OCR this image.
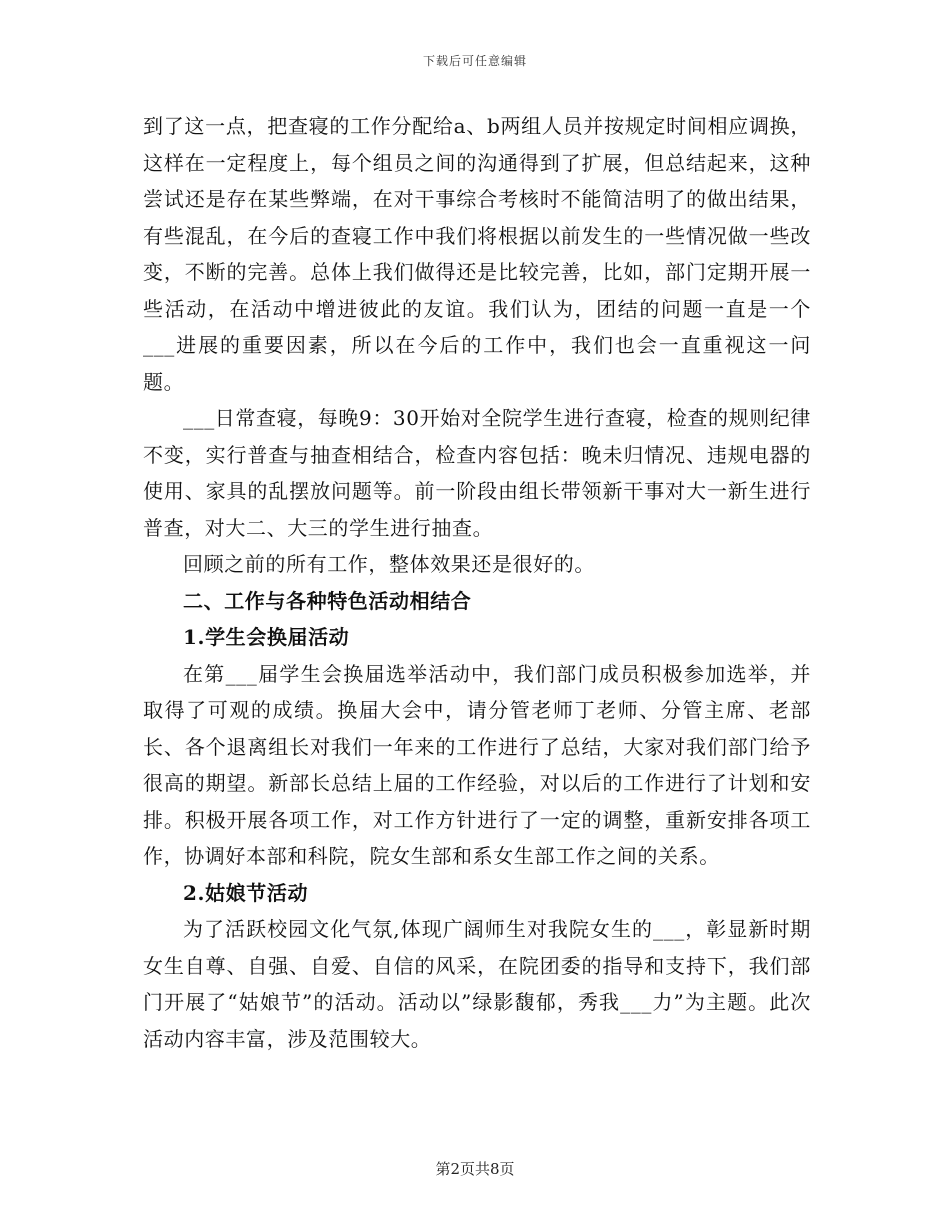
下载后可任意编辑

到了这一点，把查寝的工作分配给a、b两组人员并按规定时间相应调换，这样在一定程度上，每个组员之间的沟通得到了扩展，但总结起来，这种尝试还是存在某些弊端，在对干事综合考核时不能简洁明了的做出结果，有些混乱，在今后的查寝工作中我们将根据以前发生的一些情况做一些改变，不断的完善。总体上我们做得还是比较完善，比如，部门定期开展一些活动，在活动中增进彼此的友谊。我们认为，团结的问题一直是一个___进展的重要因素，所以在今后的工作中，我们也会一直重视这一问题。

___日常查寝，每晚9：30开始对全院学生进行查寝，检查的规则纪律不变，实行普查与抽查相结合，检查内容包括：晚未归情况、违规电器的使用、家具的乱摆放问题等。前一阶段由组长带领新干事对大一新生进行普查，对大二、大三的学生进行抽查。

回顾之前的所有工作，整体效果还是很好的。

二、工作与各种特色活动相结合

1.学生会换届活动

在第___届学生会换届选举活动中，我们部门成员积极参加选举，并取得了可观的成绩。换届大会中，请分管老师丁老师、分管主席、老部长、各个退离组长对我们一年来的工作进行了总结，大家对我们部门给予很高的期望。新部长总结上届的工作经验，对以后的工作进行了计划和安排。积极开展各项工作，对工作方针进行了一定的调整，重新安排各项工作，协调好本部和科院，院女生部和系女生部工作之间的关系。

2.姑娘节活动

为了活跃校园文化气氛,体现广阔师生对我院女生的___，彰显新时期女生自尊、自强、自爱、自信的风采，在院团委的指导和支持下，我们部门开展了“姑娘节”的活动。活动以”绿影馥郁，秀我___力”为主题。此次活动内容丰富，涉及范围较大。

第2页共8页
